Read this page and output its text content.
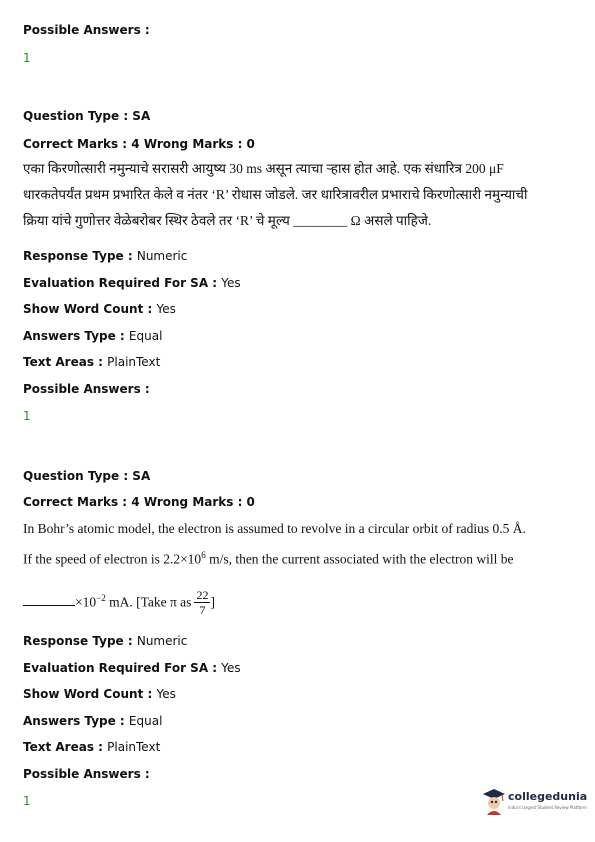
Possible Answers :
1
Question Type : SA
Correct Marks : 4 Wrong Marks : 0

एका किरणोत्सारी नमुन्याचे सरासरी आयुष्य 30 ms असून त्याचा ऱ्हास होत आहे. एक संधारित्र 200 μF

धारकतेपर्यंत प्रथम प्रभारित केले व नंतर ‘R’ रोधास जोडले. जर धारित्रावरील प्रभाराचे किरणोत्सारी नमुन्याची

क्रिया यांचे गुणोत्तर वेळेबरोबर स्थिर ठेवले तर ‘R’ चे मूल्य ________ Ω असले पाहिजे.

Response Type : Numeric
Evaluation Required For SA : Yes
Show Word Count : Yes
Answers Type : Equal
Text Areas : PlainText
Possible Answers :
1
Question Type : SA
Correct Marks : 4 Wrong Marks : 0

In Bohr’s atomic model, the electron is assumed to revolve in a circular orbit of radius 0.5 Å.

If the speed of electron is $2.2\times 10^6$ m/s, then the current associated with the electron will be

$\times 10^{-2}$ mA. [Take π as $\frac{22}{7}$ ]

Response Type : Numeric
Evaluation Required For SA : Yes
Show Word Count : Yes
Answers Type : Equal
Text Areas : PlainText
Possible Answers :
1	collegedunia
India's largest Student Review Platform
